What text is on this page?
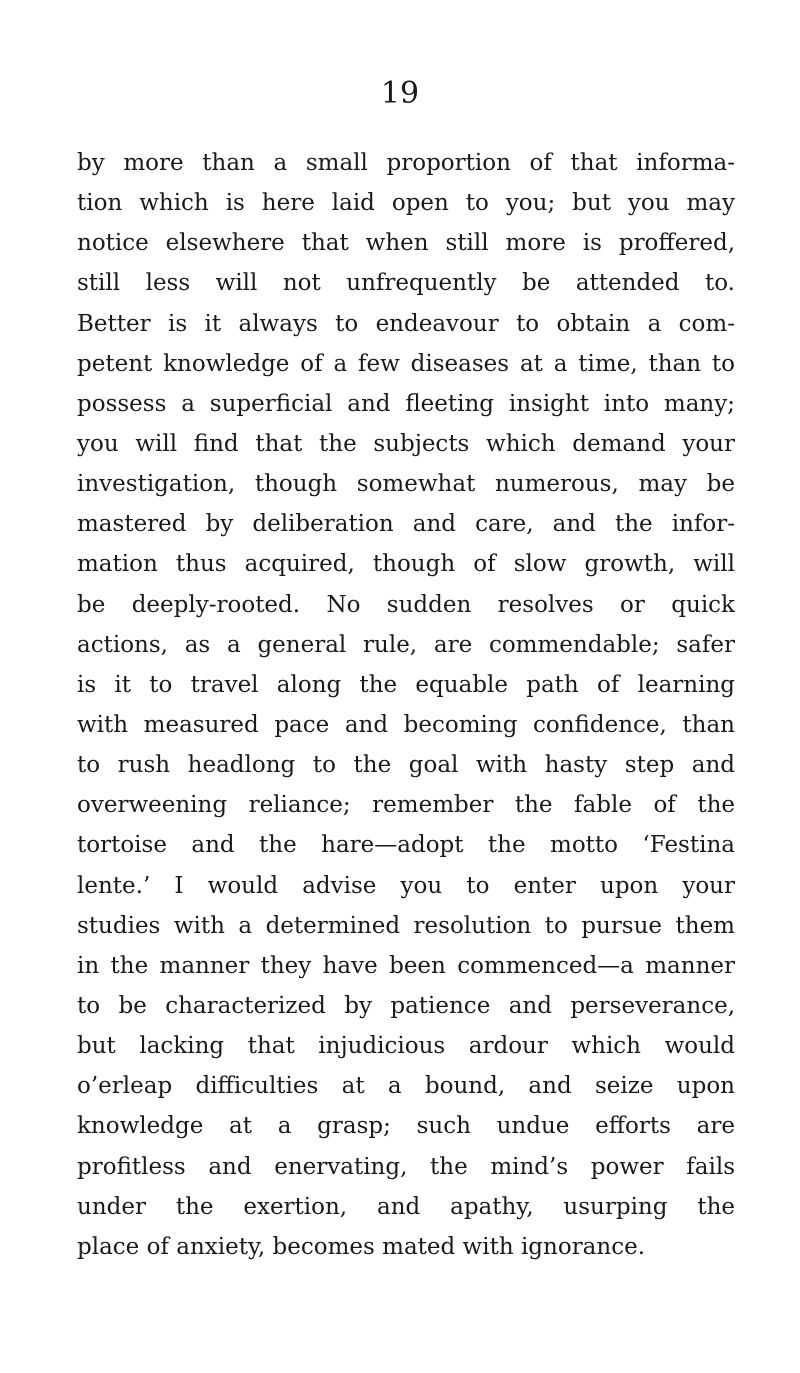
19
by more than a small proportion of that informa-
tion which is here laid open to you; but you may
notice elsewhere that when still more is proffered,
still less will not unfrequently be attended to.
Better is it always to endeavour to obtain a com-
petent knowledge of a few diseases at a time, than to
possess a superficial and fleeting insight into many;
you will find that the subjects which demand your
investigation, though somewhat numerous, may be
mastered by deliberation and care, and the infor-
mation thus acquired, though of slow growth, will
be deeply-rooted. No sudden resolves or quick
actions, as a general rule, are commendable; safer
is it to travel along the equable path of learning
with measured pace and becoming confidence, than
to rush headlong to the goal with hasty step and
overweening reliance; remember the fable of the
tortoise and the hare—adopt the motto ‘Festina
lente.’ I would advise you to enter upon your
studies with a determined resolution to pursue them
in the manner they have been commenced—a manner
to be characterized by patience and perseverance,
but lacking that injudicious ardour which would
o’erleap difficulties at a bound, and seize upon
knowledge at a grasp; such undue efforts are
profitless and enervating, the mind’s power fails
under the exertion, and apathy, usurping the
place of anxiety, becomes mated with ignorance.
